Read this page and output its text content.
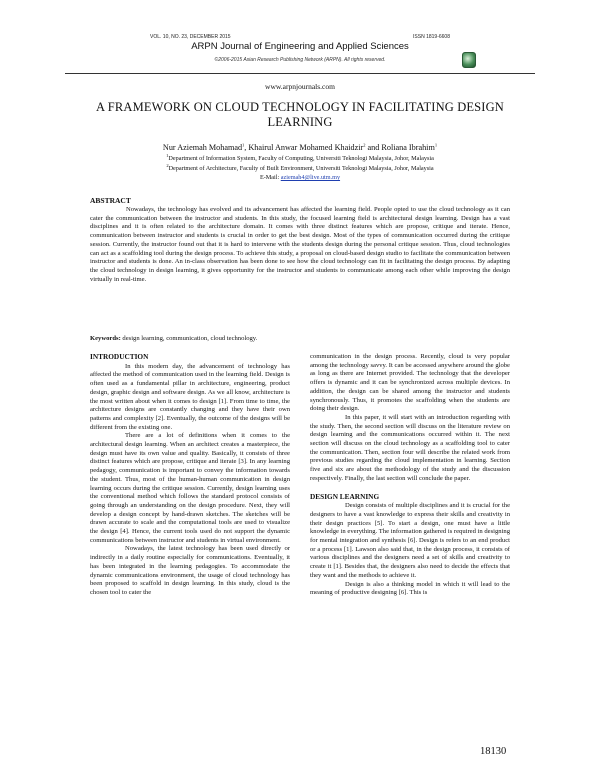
VOL. 10, NO. 23, DECEMBER 2015	ISSN 1819-6608
ARPN Journal of Engineering and Applied Sciences
©2006-2015 Asian Research Publishing Network (ARPN). All rights reserved.
www.arpnjournals.com
A FRAMEWORK ON CLOUD TECHNOLOGY IN FACILITATING DESIGN LEARNING
Nur Aziemah Mohamad$^1$, Khairul Anwar Mohamed Khaidzir$^2$ and Roliana Ibrahim$^1$
$^1$Department of Information System, Faculty of Computing, Universiti Teknologi Malaysia, Johor, Malaysia
$^2$Department of Architecture, Faculty of Built Environment, Universiti Teknologi Malaysia, Johor, Malaysia
E-Mail: aziemah4@live.utm.my
ABSTRACT
Nowadays, the technology has evolved and its advancement has affected the learning field. People opted to use the cloud technology as it can cater the communication between the instructor and students. In this study, the focused learning field is architectural design learning. Design has a vast disciplines and it is often related to the architecture domain. It comes with three distinct features which are propose, critique and iterate. Hence, communication between instructor and students is crucial in order to get the best design. Most of the types of communication occurred during the critique session. Currently, the instructor found out that it is hard to intervene with the students design during the personal critique session. Thus, cloud technologies can act as a scaffolding tool during the design process. To achieve this study, a proposal on cloud-based design studio to facilitate the communication between instructor and students is done. An in-class observation has been done to see how the cloud technology can fit in facilitating the design process. By adapting the cloud technology in design learning, it gives opportunity for the instructor and students to communicate among each other while improving the design virtually in real-time.
Keywords: design learning, communication, cloud technology.
INTRODUCTION

In this modern day, the advancement of technology has affected the method of communication used in the learning field. Design is often used as a fundamental pillar in architecture, engineering, product design, graphic design and software design. As we all know, architecture is the most written about when it comes to design [1]. From time to time, the architecture designs are constantly changing and they have their own patterns and complexity [2]. Eventually, the outcome of the designs will be different from the existing one.

There are a lot of definitions when it comes to the architectural design learning. When an architect creates a masterpiece, the design must have its own value and quality. Basically, it consists of three distinct features which are propose, critique and iterate [3]. In any learning pedagogy, communication is important to convey the information towards the student. Thus, most of the human-human communication in design learning occurs during the critique session. Currently, design learning uses the conventional method which follows the standard protocol consists of going through an understanding on the design procedure. Next, they will develop a design concept by hand-drawn sketches. The sketches will be drawn accurate to scale and the computational tools are used to visualize the design [4]. Hence, the current tools used do not support the dynamic communications between instructor and students in virtual environment.

Nowadays, the latest technology has been used directly or indirectly in a daily routine especially for communications. Eventually, it has been integrated in the learning pedagogies. To accommodate the dynamic communications environment, the usage of cloud technology has been proposed to scaffold in design learning. In this study, cloud is the chosen tool to cater the

communication in the design process. Recently, cloud is very popular among the technology savvy. It can be accessed anywhere around the globe as long as there are Internet provided. The technology that the developer offers is dynamic and it can be synchronized across multiple devices. In addition, the design can be shared among the instructor and students synchronously. Thus, it promotes the scaffolding when the students are doing their design.

In this paper, it will start with an introduction regarding with the study. Then, the second section will discuss on the literature review on design learning and the communications occurred within it. The next section will discuss on the cloud technology as a scaffolding tool to cater the communication. Then, section four will describe the related work from previous studies regarding the cloud implementation in learning. Section five and six are about the methodology of the study and the discussion respectively. Finally, the last section will conclude the paper.

DESIGN LEARNING

Design consists of multiple disciplines and it is crucial for the designers to have a vast knowledge to express their skills and creativity in their design practices [5]. To start a design, one must have a little knowledge in everything. The information gathered is required in designing for mental integration and synthesis [6]. Design is refers to an end product or a process [1]. Lawson also said that, in the design process, it consists of various disciplines and the designers need a set of skills and creativity to create it [1]. Besides that, the designers also need to decide the effects that they want and the methods to achieve it.

Design is also a thinking model in which it will lead to the meaning of productive designing [6]. This is

18130
